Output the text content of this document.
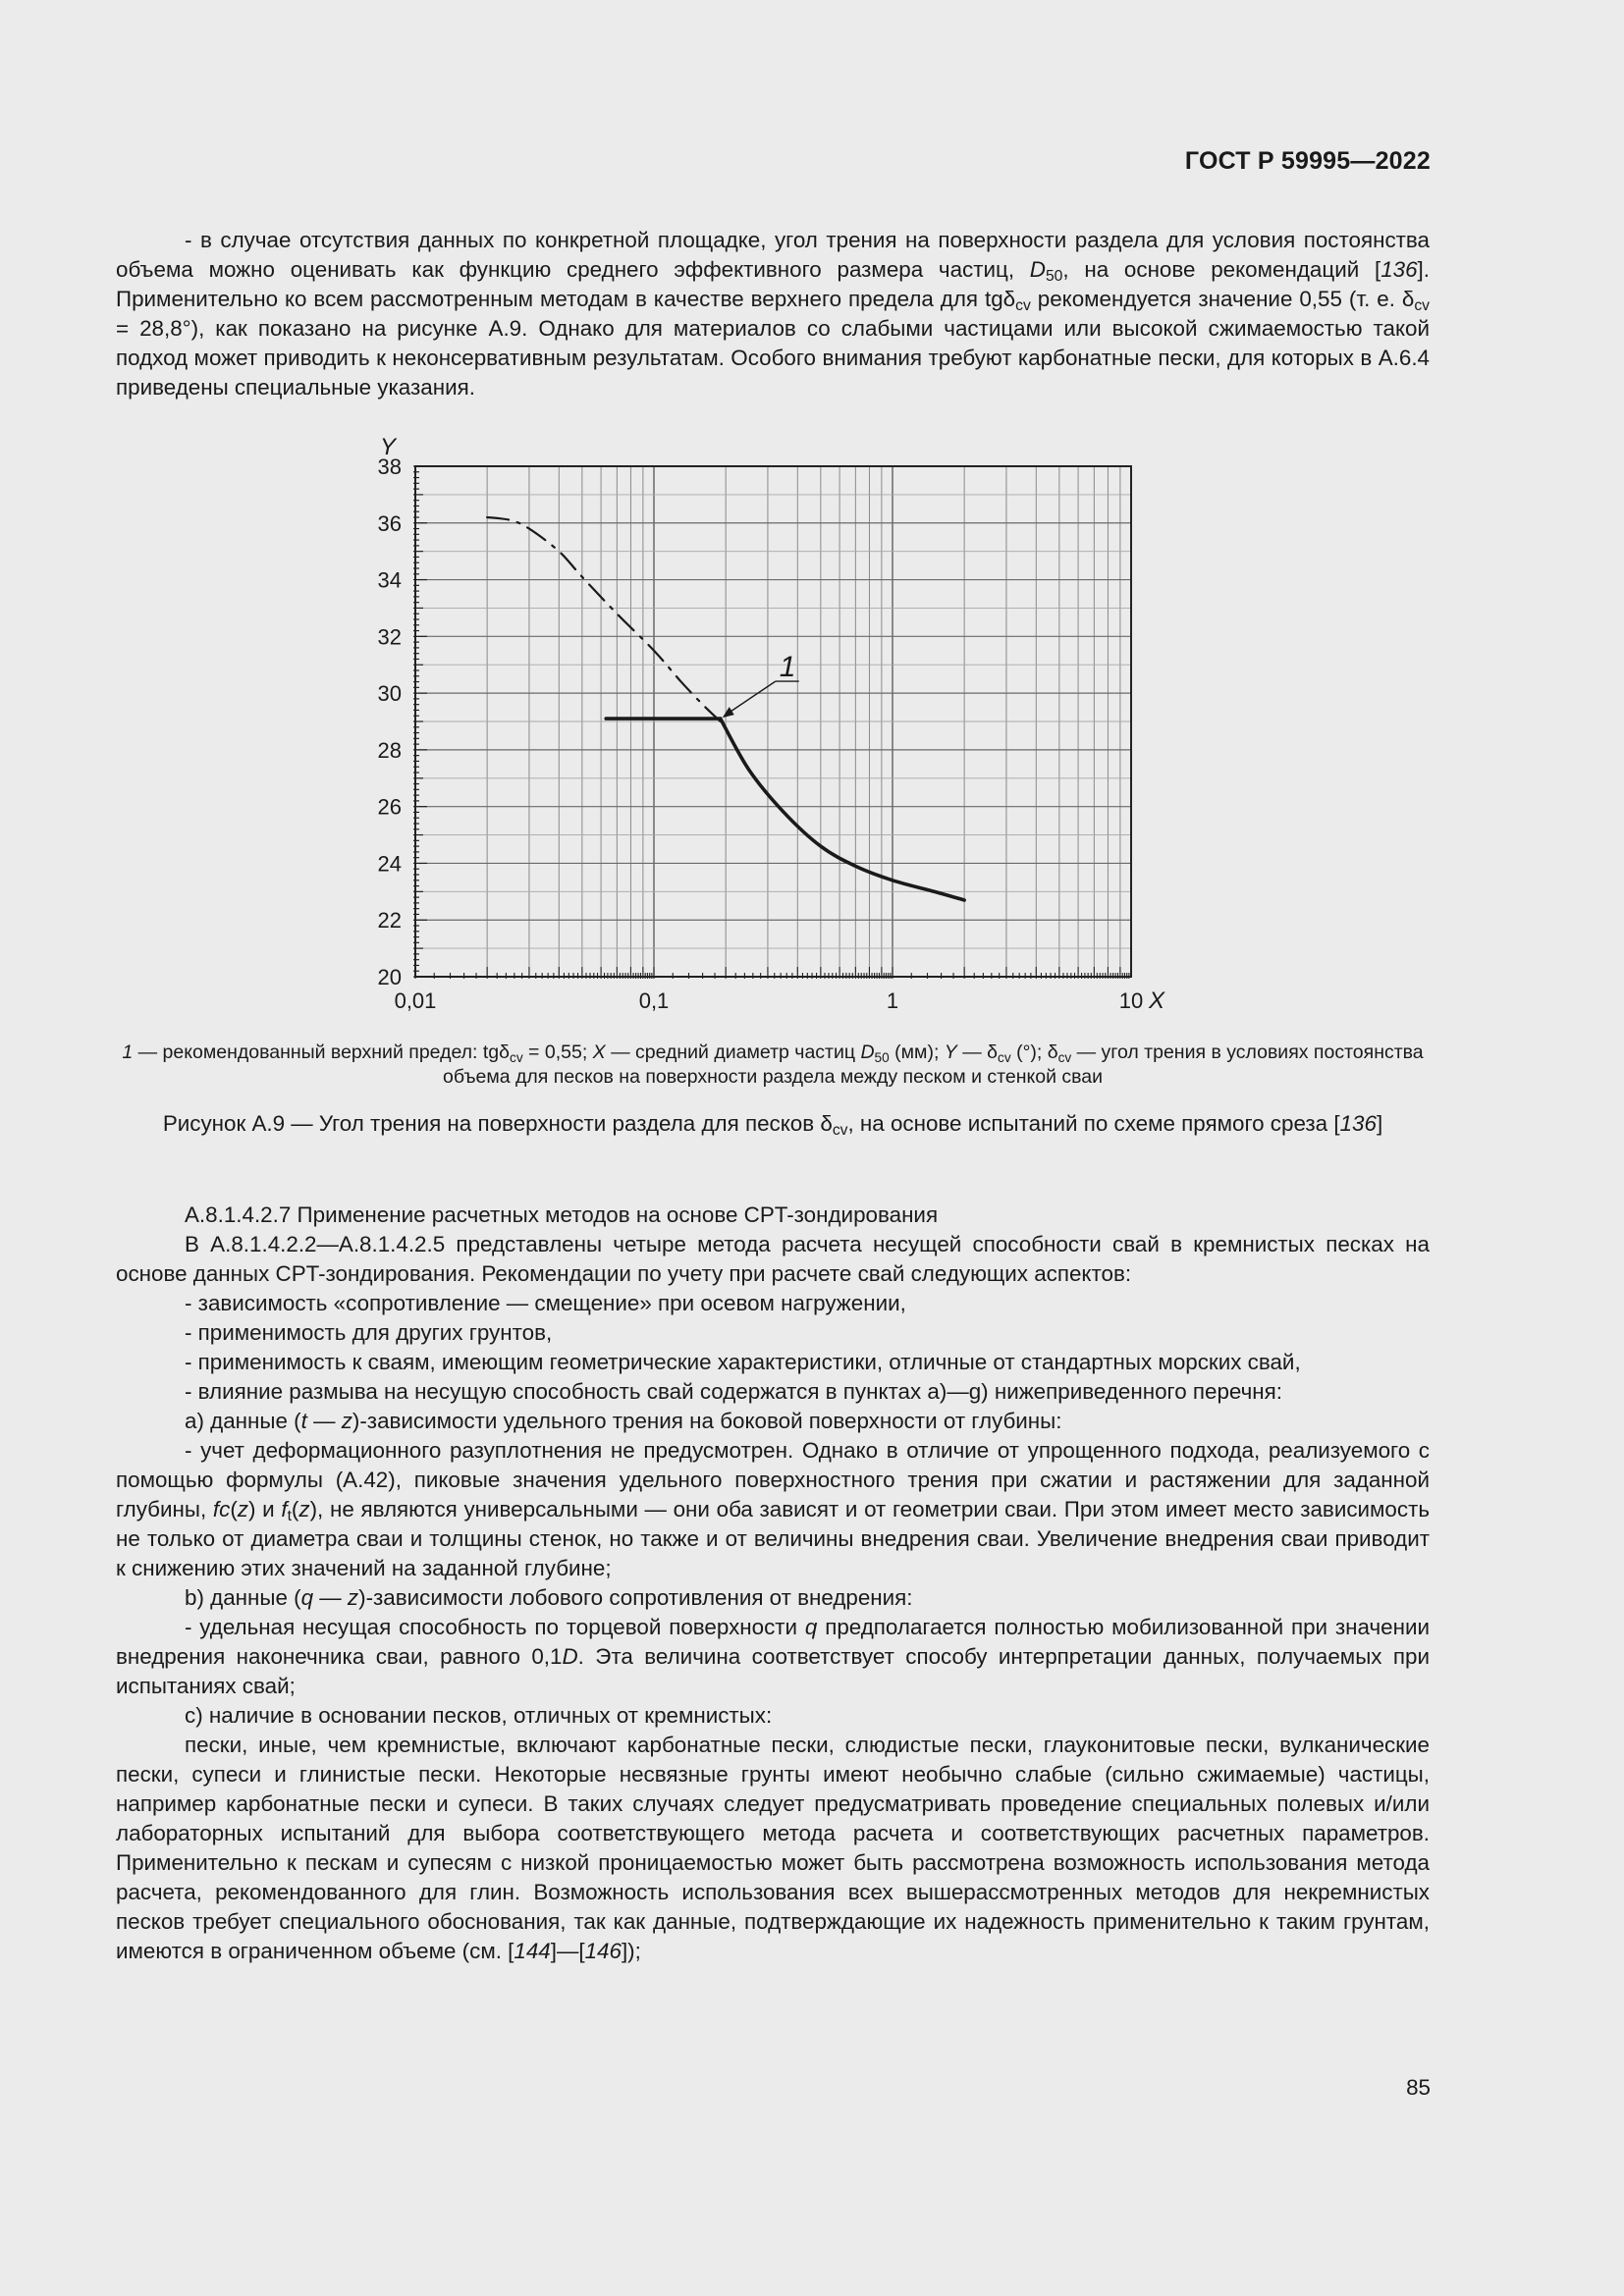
ГОСТ Р 59995—2022

- в случае отсутствия данных по конкретной площадке, угол трения на поверхности раздела для условия постоянства объема можно оценивать как функцию среднего эффективного размера частиц, $D_{50}$, на основе рекомендаций [136]. Применительно ко всем рассмотренным методам в качестве верхнего предела для tgδ$_{cv}$ рекомендуется значение 0,55 (т. е. $\delta_{cv} = 28,8^\circ$), как показано на рисунке А.9. Однако для материалов со слабыми частицами или высокой сжимаемостью такой подход может приводить к неконсервативным результатам. Особого внимания требуют карбонатные пески, для которых в А.6.4 приведены специальные указания.

20
22
24
26
28
30
32
34
36
38
0,01	0,1	1	10 X
Y
1
1 — рекомендованный верхний предел: tgδ$_{cv}$ = 0,55; X — средний диаметр частиц $D_{50}$ (мм); Y — $\delta_{cv}$ (°); $\delta_{cv}$ — угол трения в условиях постоянства объема для песков на поверхности раздела между песком и стенкой сваи
Рисунок А.9 — Угол трения на поверхности раздела для песков $\delta_{cv}$, на основе испытаний по схеме прямого среза [136]

А.8.1.4.2.7 Применение расчетных методов на основе CPT-зондирования

В А.8.1.4.2.2—А.8.1.4.2.5 представлены четыре метода расчета несущей способности свай в кремнистых песках на основе данных CPT-зондирования. Рекомендации по учету при расчете свай следующих аспектов:

- зависимость «сопротивление — смещение» при осевом нагружении,

- применимость для других грунтов,

- применимость к сваям, имеющим геометрические характеристики, отличные от стандартных морских свай,

- влияние размыва на несущую способность свай содержатся в пунктах а)—g) нижеприведенного перечня:

а) данные (t — z)-зависимости удельного трения на боковой поверхности от глубины:

- учет деформационного разуплотнения не предусмотрен. Однако в отличие от упрощенного подхода, реализуемого с помощью формулы (А.42), пиковые значения удельного поверхностного трения при сжатии и растяжении для заданной глубины, fc(z) и $f_t(z)$, не являются универсальными — они оба зависят и от геометрии сваи. При этом имеет место зависимость не только от диаметра сваи и толщины стенок, но также и от величины внедрения сваи. Увеличение внедрения сваи приводит к снижению этих значений на заданной глубине;

b) данные (q — z)-зависимости лобового сопротивления от внедрения:

- удельная несущая способность по торцевой поверхности q предполагается полностью мобилизованной при значении внедрения наконечника сваи, равного 0,1D. Эта величина соответствует способу интерпретации данных, получаемых при испытаниях свай;

с) наличие в основании песков, отличных от кремнистых:

пески, иные, чем кремнистые, включают карбонатные пески, слюдистые пески, глауконитовые пески, вулканические пески, супеси и глинистые пески. Некоторые несвязные грунты имеют необычно слабые (сильно сжимаемые) частицы, например карбонатные пески и супеси. В таких случаях следует предусматривать проведение специальных полевых и/или лабораторных испытаний для выбора соответствующего метода расчета и соответствующих расчетных параметров. Применительно к пескам и супесям с низкой проницаемостью может быть рассмотрена возможность использования метода расчета, рекомендованного для глин. Возможность использования всех вышерассмотренных методов для некремнистых песков требует специального обоснования, так как данные, подтверждающие их надежность применительно к таким грунтам, имеются в ограниченном объеме (см. [144]—[146]);

85
